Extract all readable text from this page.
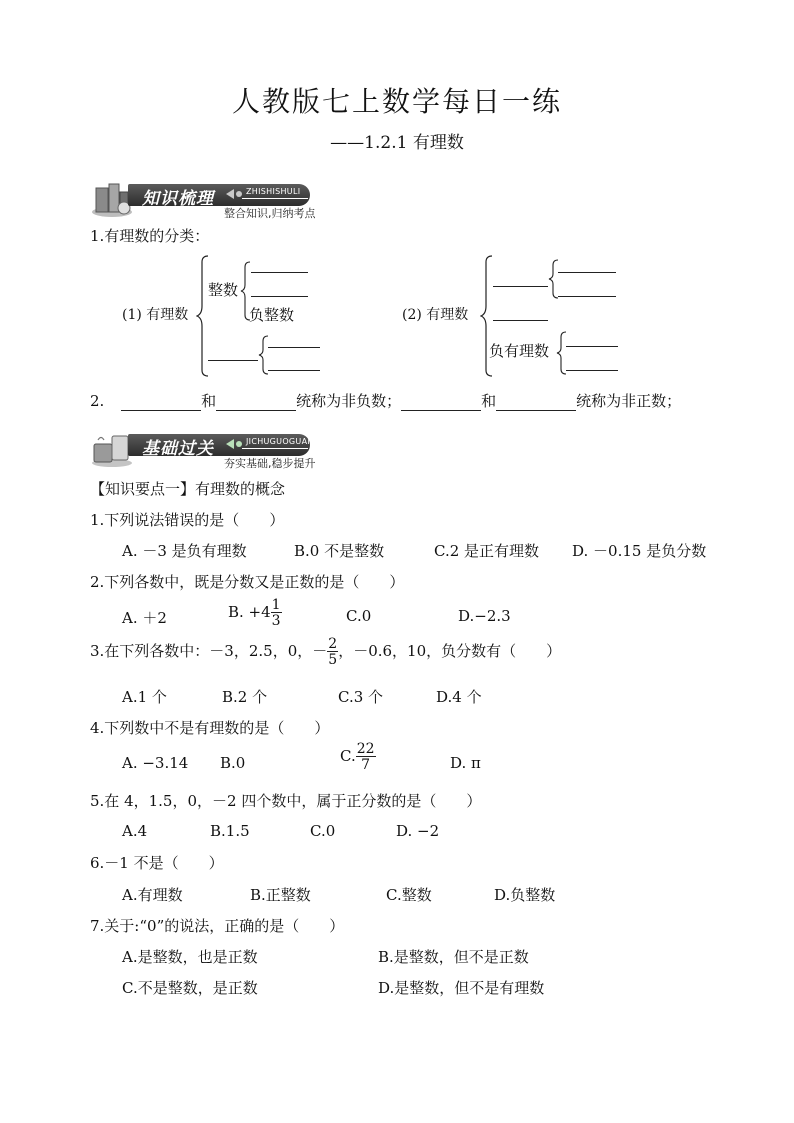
人教版七上数学每日一练
——1.2.1 有理数
知识梳理	ZHISHISHULI
整合知识,归纳考点
1.有理数的分类：
(1) 有理数
整数
负整数	(2) 有理数
负有理数
2.	和	统称为非负数；	和	统称为非正数；
基础过关	JICHUGUOGUAN
夯实基础,稳步提升
【知识要点一】有理数的概念
1.下列说法错误的是（　　）
A. －3 是负有理数	B.0 不是整数	C.2 是正有理数 D. －0.15 是负分数
2.下列各数中，既是分数又是正数的是（　　）
A. ＋2	B. $+4 \frac{1}{3}$	C.0	D.−2.3
3.在下列各数中：－3，2.5，0，－ $\frac{2}{5}$ ，－0.6，10，负分数有（　　）
A.1 个	B.2 个	C.3 个	D.4 个
4.下列数中不是有理数的是（　　）
A. −3.14 B.0	C. $\frac{22}{7}$	D. π
5.在 4，1.5，0，－2 四个数中，属于正分数的是（　　）
A.4	B.1.5	C.0	D. −2
6.－1 不是（　　）
A.有理数	B.正整数	C.整数	D.负整数
7.关于:“0”的说法，正确的是（　　）
A.是整数，也是正数	B.是整数，但不是正数
C.不是整数，是正数	D.是整数，但不是有理数
